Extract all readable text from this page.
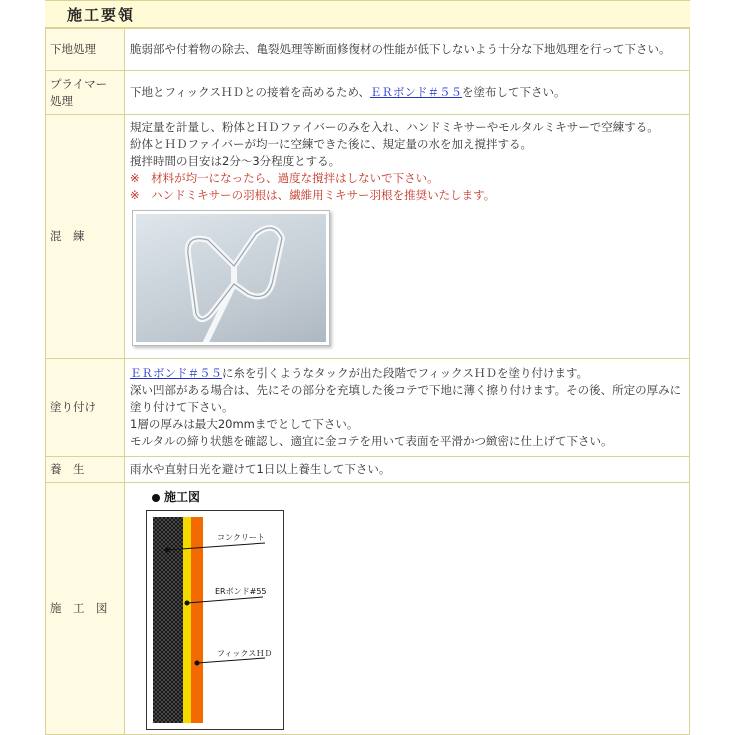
施工要領
下地処理	脆弱部や付着物の除去、亀裂処理等断面修復材の性能が低下しないよう十分な下地処理を行って下さい。

プライマー
処理	下地とフィックスＨＤとの接着を高めるため、ＥＲボンド＃５５を塗布して下さい。
混　練	規定量を計量し、粉体とＨＤファイバーのみを入れ、ハンドミキサーやモルタルミキサーで空練する。
紛体とＨＤファイバーが均一に空練できた後に、規定量の水を加え撹拌する。
撹拌時間の目安は2分～3分程度とする。
※　材料が均一になったら、過度な撹拌はしないで下さい。
※　ハンドミキサーの羽根は、繊維用ミキサー羽根を推奨いたします。

塗り付け	ＥＲボンド＃５５に糸を引くようなタックが出た段階でフィックスＨＤを塗り付けます。
深い凹部がある場合は、先にその部分を充填した後コテで下地に薄く擦り付けます。その後、所定の厚みに塗り付けて下さい。
1層の厚みは最大20mmまでとして下さい。
モルタルの締り状態を確認し、適宜に金コテを用いて表面を平滑かつ緻密に仕上げて下さい。

養　生	雨水や直射日光を避けて1日以上養生して下さい。
施　工　図	施工図
コンクリート
ERボンド#55
フィックスＨＤ
